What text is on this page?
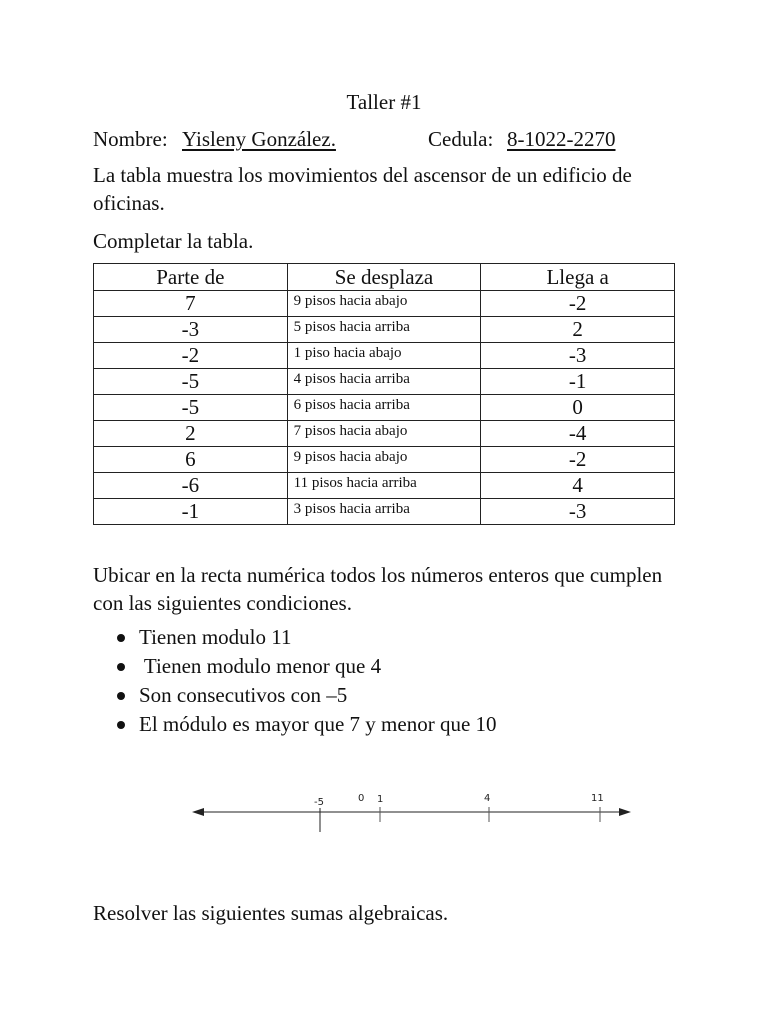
Taller #1
Nombre: Yisleny González.	Cedula: 8-1022-2270
La tabla muestra los movimientos del ascensor de un edificio de oficinas.
Completar la tabla.
Parte de	Se desplaza	Llega a
7	9 pisos hacia abajo	-2
-3	5 pisos hacia arriba	2
-2	1 piso hacia abajo	-3
-5	4 pisos hacia arriba	-1
-5	6 pisos hacia arriba	0
2	7 pisos hacia abajo	-4
6	9 pisos hacia abajo	-2
-6	11 pisos hacia arriba	4
-1	3 pisos hacia arriba	-3
Ubicar en la recta numérica todos los números enteros que cumplen con las siguientes condiciones.
Tienen modulo 11
Tienen modulo menor que 4
Son consecutivos con –5
El módulo es mayor que 7 y menor que 10
-5	0 1	4	11
Resolver las siguientes sumas algebraicas.
